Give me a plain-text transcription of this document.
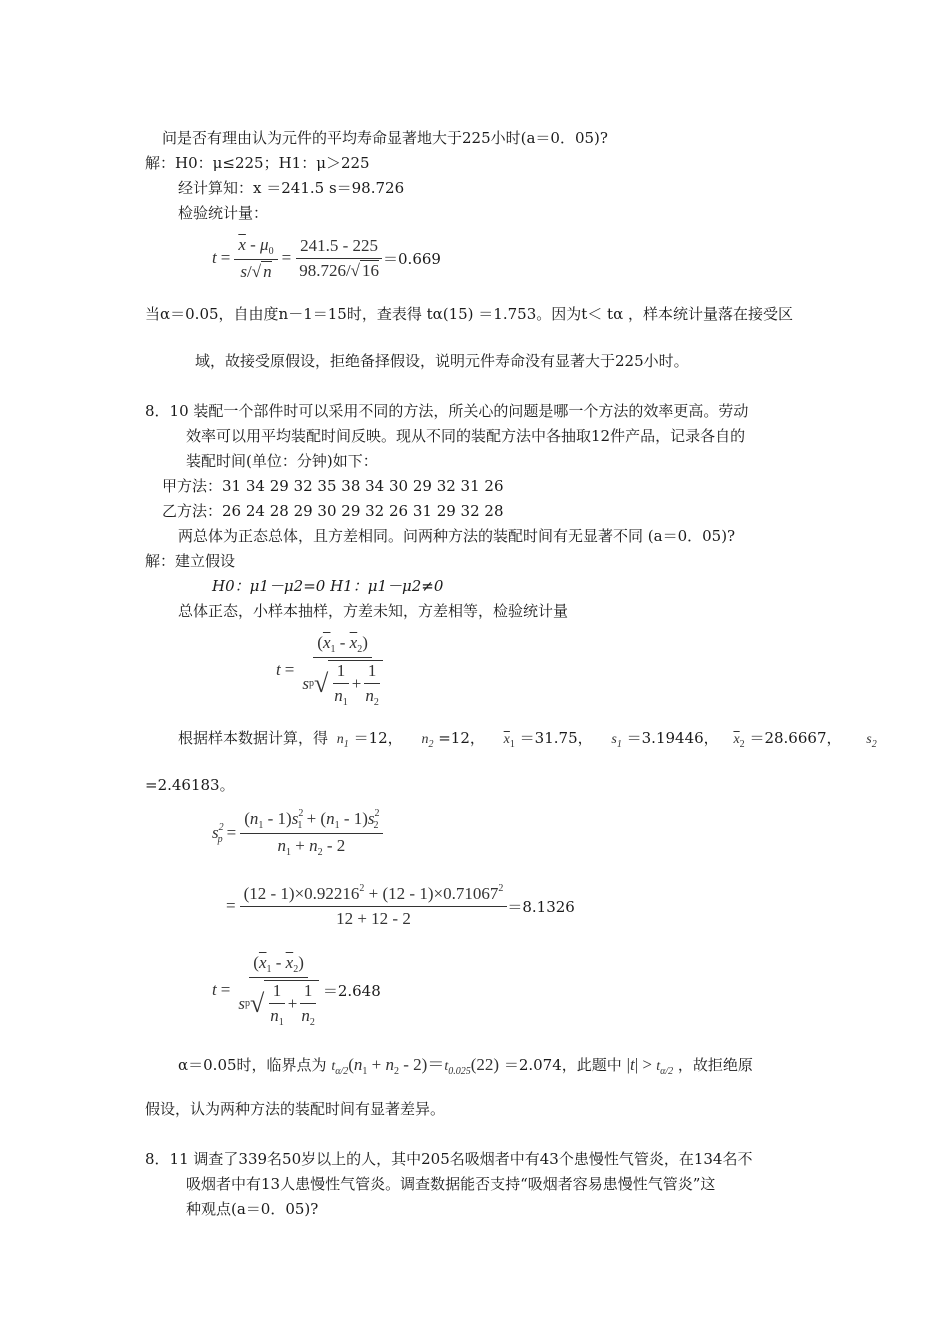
问是否有理由认为元件的平均寿命显著地大于225小时(a＝0．05)?
解：H0：μ≤225；H1：μ＞225
经计算知：x ＝241.5 s＝98.726
检验统计量：
$t = \frac{\overline{x} - \mu_0}{s/√ n} = \frac{241.5 - 225}{98.726/√ 16} =0.669$
当α＝0.05，自由度n－1＝15时，查表得 tα(15) ＝1.753。因为t＜ tα ，样本统计量落在接受区
域，故接受原假设，拒绝备择假设，说明元件寿命没有显著大于225小时。
8．10 装配一个部件时可以采用不同的方法，所关心的问题是哪一个方法的效率更高。劳动
效率可以用平均装配时间反映。现从不同的装配方法中各抽取12件产品，记录各自的
装配时间(单位：分钟)如下：
甲方法：31 34 29 32 35 38 34 30 29 32 31 26
乙方法：26 24 28 29 30 29 32 26 31 29 32 28
两总体为正态总体，且方差相同。问两种方法的装配时间有无显著不同 (a＝0．05)?
解：建立假设
H0：μ1－μ2=0 H1：μ1－μ2≠0
总体正态，小样本抽样，方差未知，方差相等，检验统计量
$t = \frac{(\overline{x}_1 - \overline{x}_2)}{s p √ \frac{1}{n_1} + \frac{1}{n_2}}$
根据样本数据计算，得 $n_1 =12$， $n_2 =12$， $\overline{x}_1 =31.75$， $s_1 =3.19446$， $\overline{x}_2 =28.6667$， $s_2$
=2.46183。
$s^2_p = \frac{(n_1 - 1)s^2_1 + (n_1 - 1)s^2_2}{n_1 + n_2 - 2}$
= $\frac{(12 - 1)\times 0.92216^2 + (12 - 1)\times 0.71067^2}{12 + 12 - 2} =8.1326$
$t = \frac{(\overline{x}_1 - \overline{x}_2)}{s p √ \frac{1}{n_1} + \frac{1}{n_2}} =2.648$
α＝0.05时，临界点为 $t_{\alpha/2}(n_1 + n_2 - 2)=t_{0.025}(22) =2.074$，此题中 $|t| > t_{\alpha/2}$ ，故拒绝原
假设，认为两种方法的装配时间有显著差异。
8．11 调查了339名50岁以上的人，其中205名吸烟者中有43个患慢性气管炎，在134名不
吸烟者中有13人患慢性气管炎。调查数据能否支持“吸烟者容易患慢性气管炎”这
种观点(a＝0．05)?
